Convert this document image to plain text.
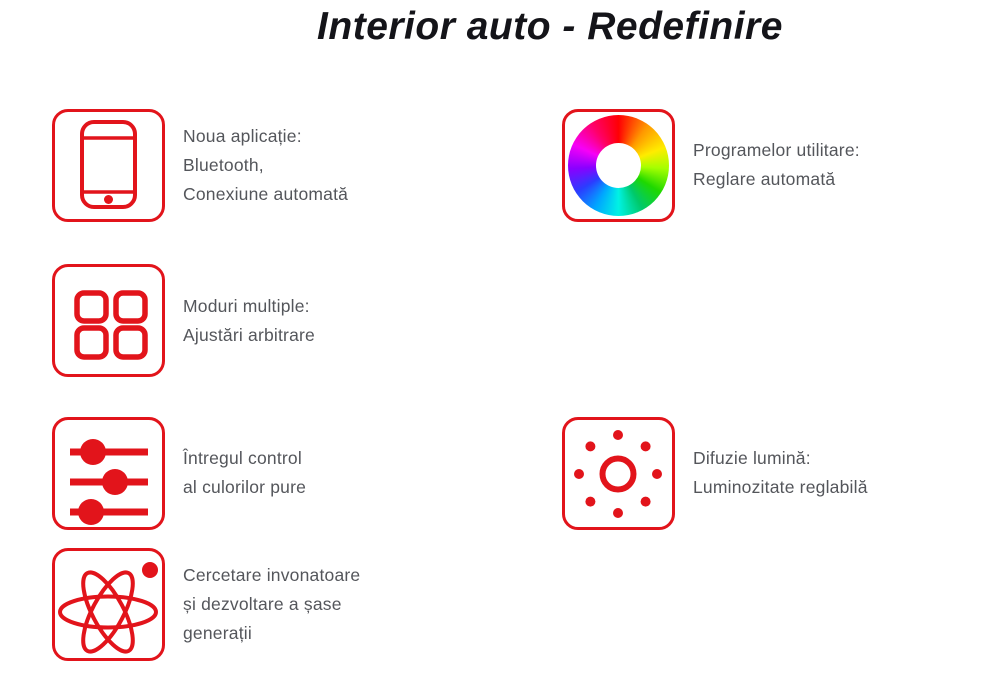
Interior auto - Redefinire
Noua aplicație:
Bluetooth,
Conexiune automată
Programelor utilitare:
Reglare automată
Moduri multiple:
Ajustări arbitrare
Întregul control
al culorilor pure
Difuzie lumină:
Luminozitate reglabilă
Cercetare invonatoare
și dezvoltare a șase
generații
